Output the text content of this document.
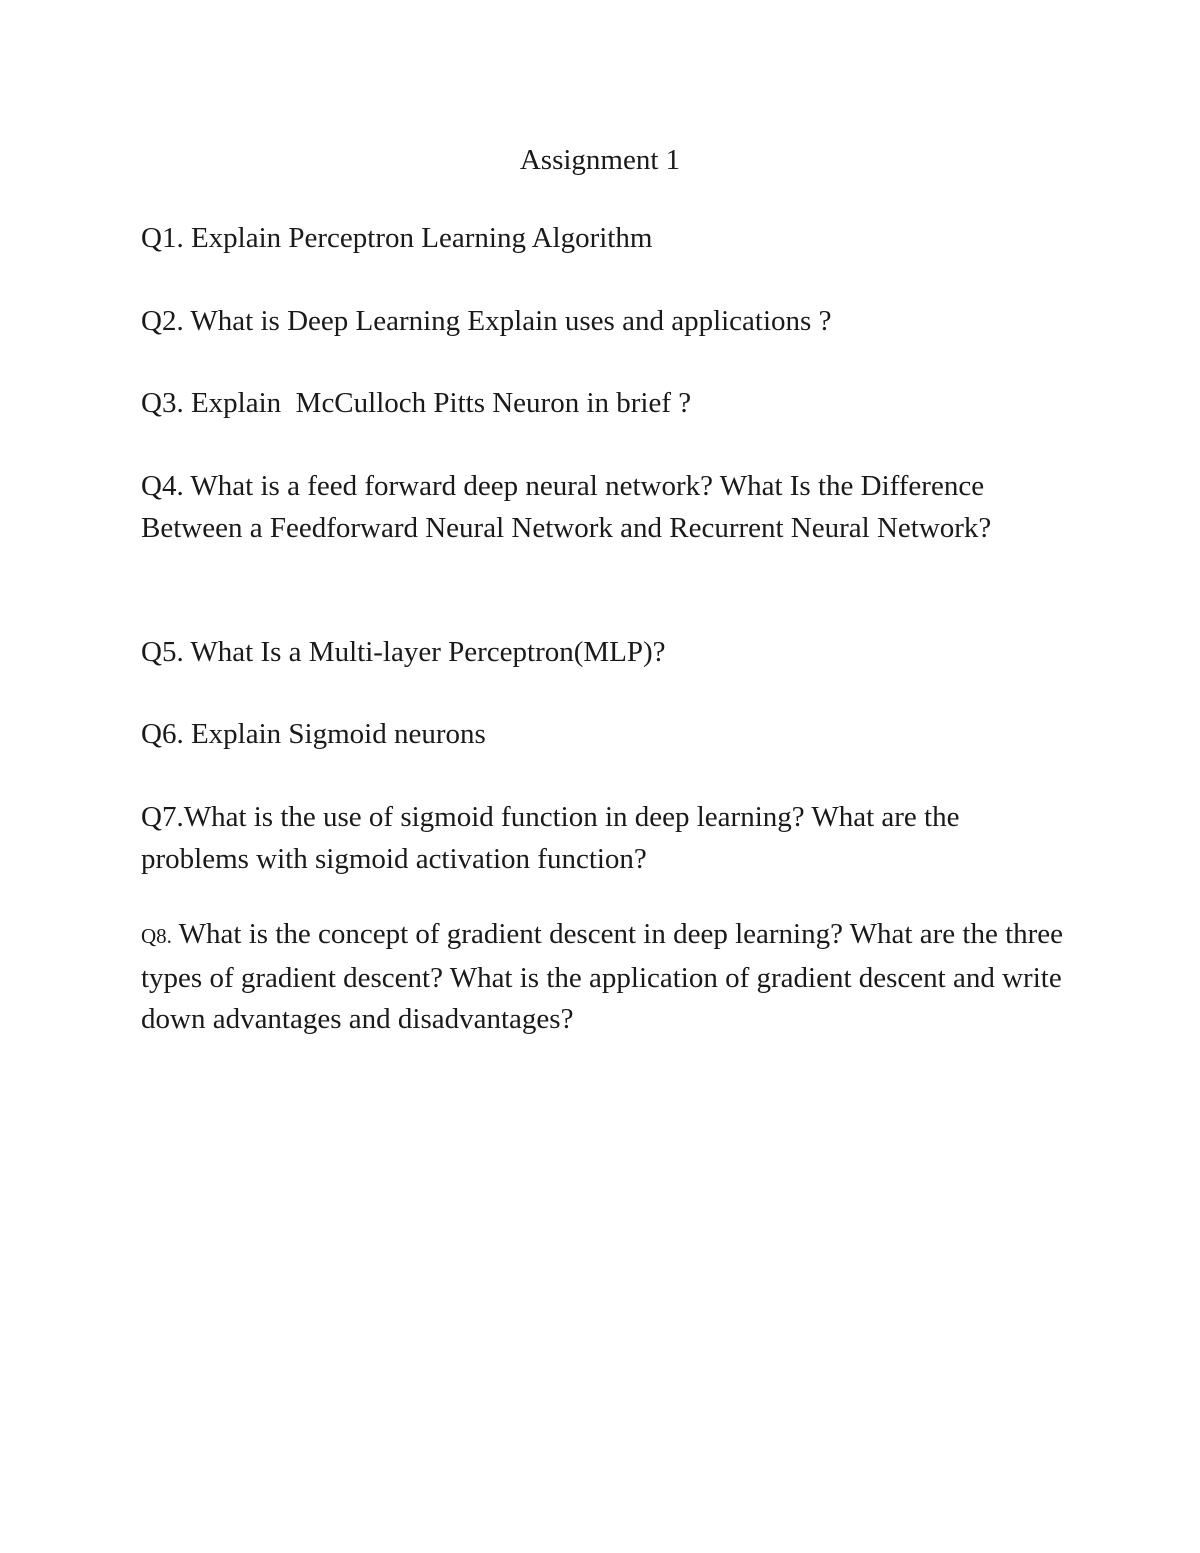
Assignment 1

Q1. Explain Perceptron Learning Algorithm

Q2. What is Deep Learning Explain uses and applications ?

Q3. Explain  McCulloch Pitts Neuron in brief ?

Q4. What is a feed forward deep neural network? What Is the Difference Between a Feedforward Neural Network and Recurrent Neural Network?

Q5. What Is a Multi-layer Perceptron(MLP)?

Q6. Explain Sigmoid neurons

Q7.What is the use of sigmoid function in deep learning? What are the problems with sigmoid activation function?

Q8. What is the concept of gradient descent in deep learning? What are the three types of gradient descent? What is the application of gradient descent and write down advantages and disadvantages?
